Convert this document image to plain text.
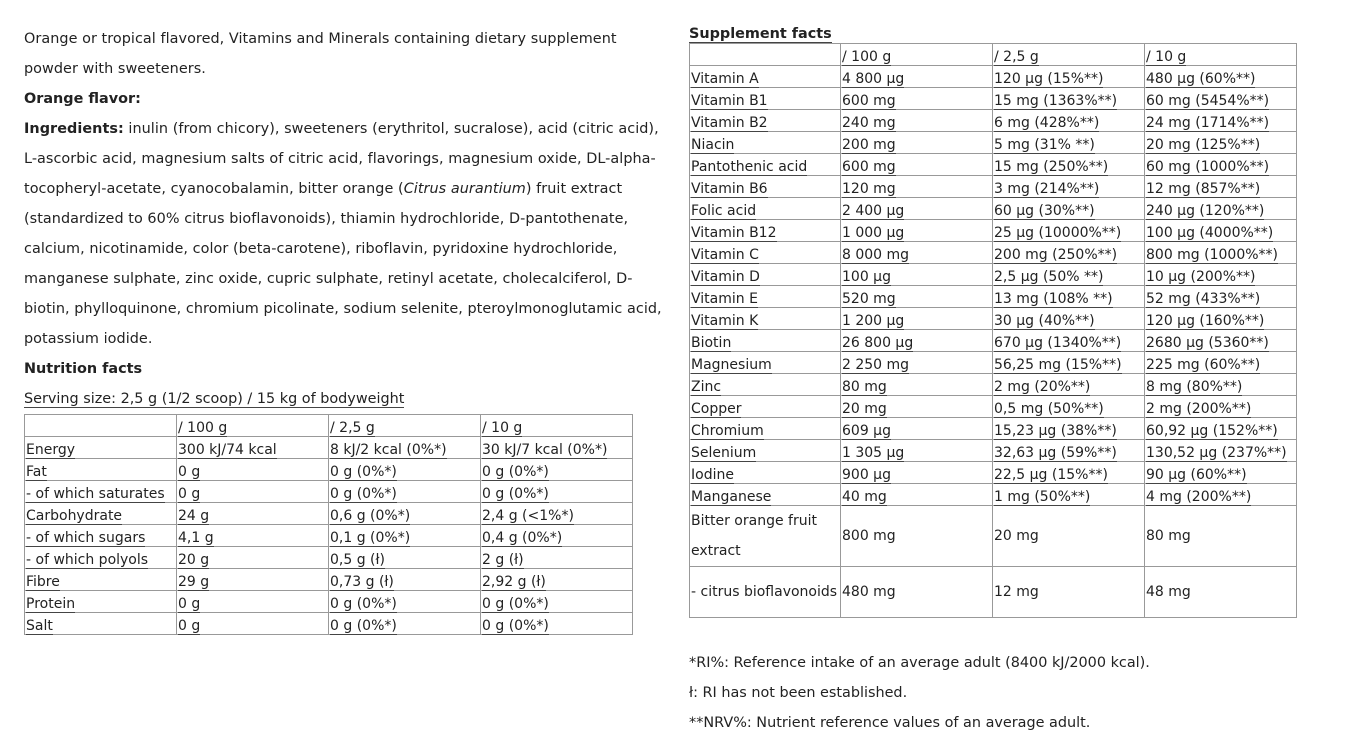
Orange or tropical flavored, Vitamins and Minerals containing dietary supplement powder with sweeteners.

Orange flavor:

Ingredients: inulin (from chicory), sweeteners (erythritol, sucralose), acid (citric acid), L-ascorbic acid, magnesium salts of citric acid, flavorings, magnesium oxide, DL-alpha-tocopheryl-acetate, cyanocobalamin, bitter orange (Citrus aurantium) fruit extract (standardized to 60% citrus bioflavonoids), thiamin hydrochloride, D-pantothenate, calcium, nicotinamide, color (beta-carotene), riboflavin, pyridoxine hydrochloride, manganese sulphate, zinc oxide, cupric sulphate, retinyl acetate, cholecalciferol, D-biotin, phylloquinone, chromium picolinate, sodium selenite, pteroylmonoglutamic acid, potassium iodide.

Nutrition facts

Serving size: 2,5 g (1/2 scoop) / 15 kg of bodyweight

	/ 100 g	/ 2,5 g	/ 10 g
Energy	300 kJ/74 kcal	8 kJ/2 kcal (0%*)	30 kJ/7 kcal (0%*)
Fat	0 g	0 g (0%*)	0 g (0%*)
- of which saturates	0 g	0 g (0%*)	0 g (0%*)
Carbohydrate	24 g	0,6 g (0%*)	2,4 g (<1%*)
- of which sugars	4,1 g	0,1 g (0%*)	0,4 g (0%*)
- of which polyols	20 g	0,5 g (ł)	2 g (ł)
Fibre	29 g	0,73 g (ł)	2,92 g (ł)
Protein	0 g	0 g (0%*)	0 g (0%*)
Salt	0 g	0 g (0%*)	0 g (0%*)

Supplement facts

	/ 100 g	/ 2,5 g	/ 10 g
Vitamin A	4 800 µg	120 µg (15%**)	480 µg (60%**)
Vitamin B1	600 mg	15 mg (1363%**)	60 mg (5454%**)
Vitamin B2	240 mg	6 mg (428%**)	24 mg (1714%**)
Niacin	200 mg	5 mg (31% **)	20 mg (125%**)
Pantothenic acid	600 mg	15 mg (250%**)	60 mg (1000%**)
Vitamin B6	120 mg	3 mg (214%**)	12 mg (857%**)
Folic acid	2 400 µg	60 µg (30%**)	240 µg (120%**)
Vitamin B12	1 000 µg	25 µg (10000%**)	100 µg (4000%**)
Vitamin C	8 000 mg	200 mg (250%**)	800 mg (1000%**)
Vitamin D	100 µg	2,5 µg (50% **)	10 µg (200%**)
Vitamin E	520 mg	13 mg (108% **)	52 mg (433%**)
Vitamin K	1 200 µg	30 µg (40%**)	120 µg (160%**)
Biotin	26 800 µg	670 µg (1340%**)	2680 µg (5360**)
Magnesium	2 250 mg	56,25 mg (15%**)	225 mg (60%**)
Zinc	80 mg	2 mg (20%**)	8 mg (80%**)
Copper	20 mg	0,5 mg (50%**)	2 mg (200%**)
Chromium	609 µg	15,23 µg (38%**)	60,92 µg (152%**)
Selenium	1 305 µg	32,63 µg (59%**)	130,52 µg (237%**)
Iodine	900 µg	22,5 µg (15%**)	90 µg (60%**)
Manganese	40 mg	1 mg (50%**)	4 mg (200%**)
Bitter orange fruit extract	800 mg	20 mg	80 mg
- citrus bioflavonoids	480 mg	12 mg	48 mg

*RI%: Reference intake of an average adult (8400 kJ/2000 kcal).

ł: RI has not been established.

**NRV%: Nutrient reference values of an average adult.
